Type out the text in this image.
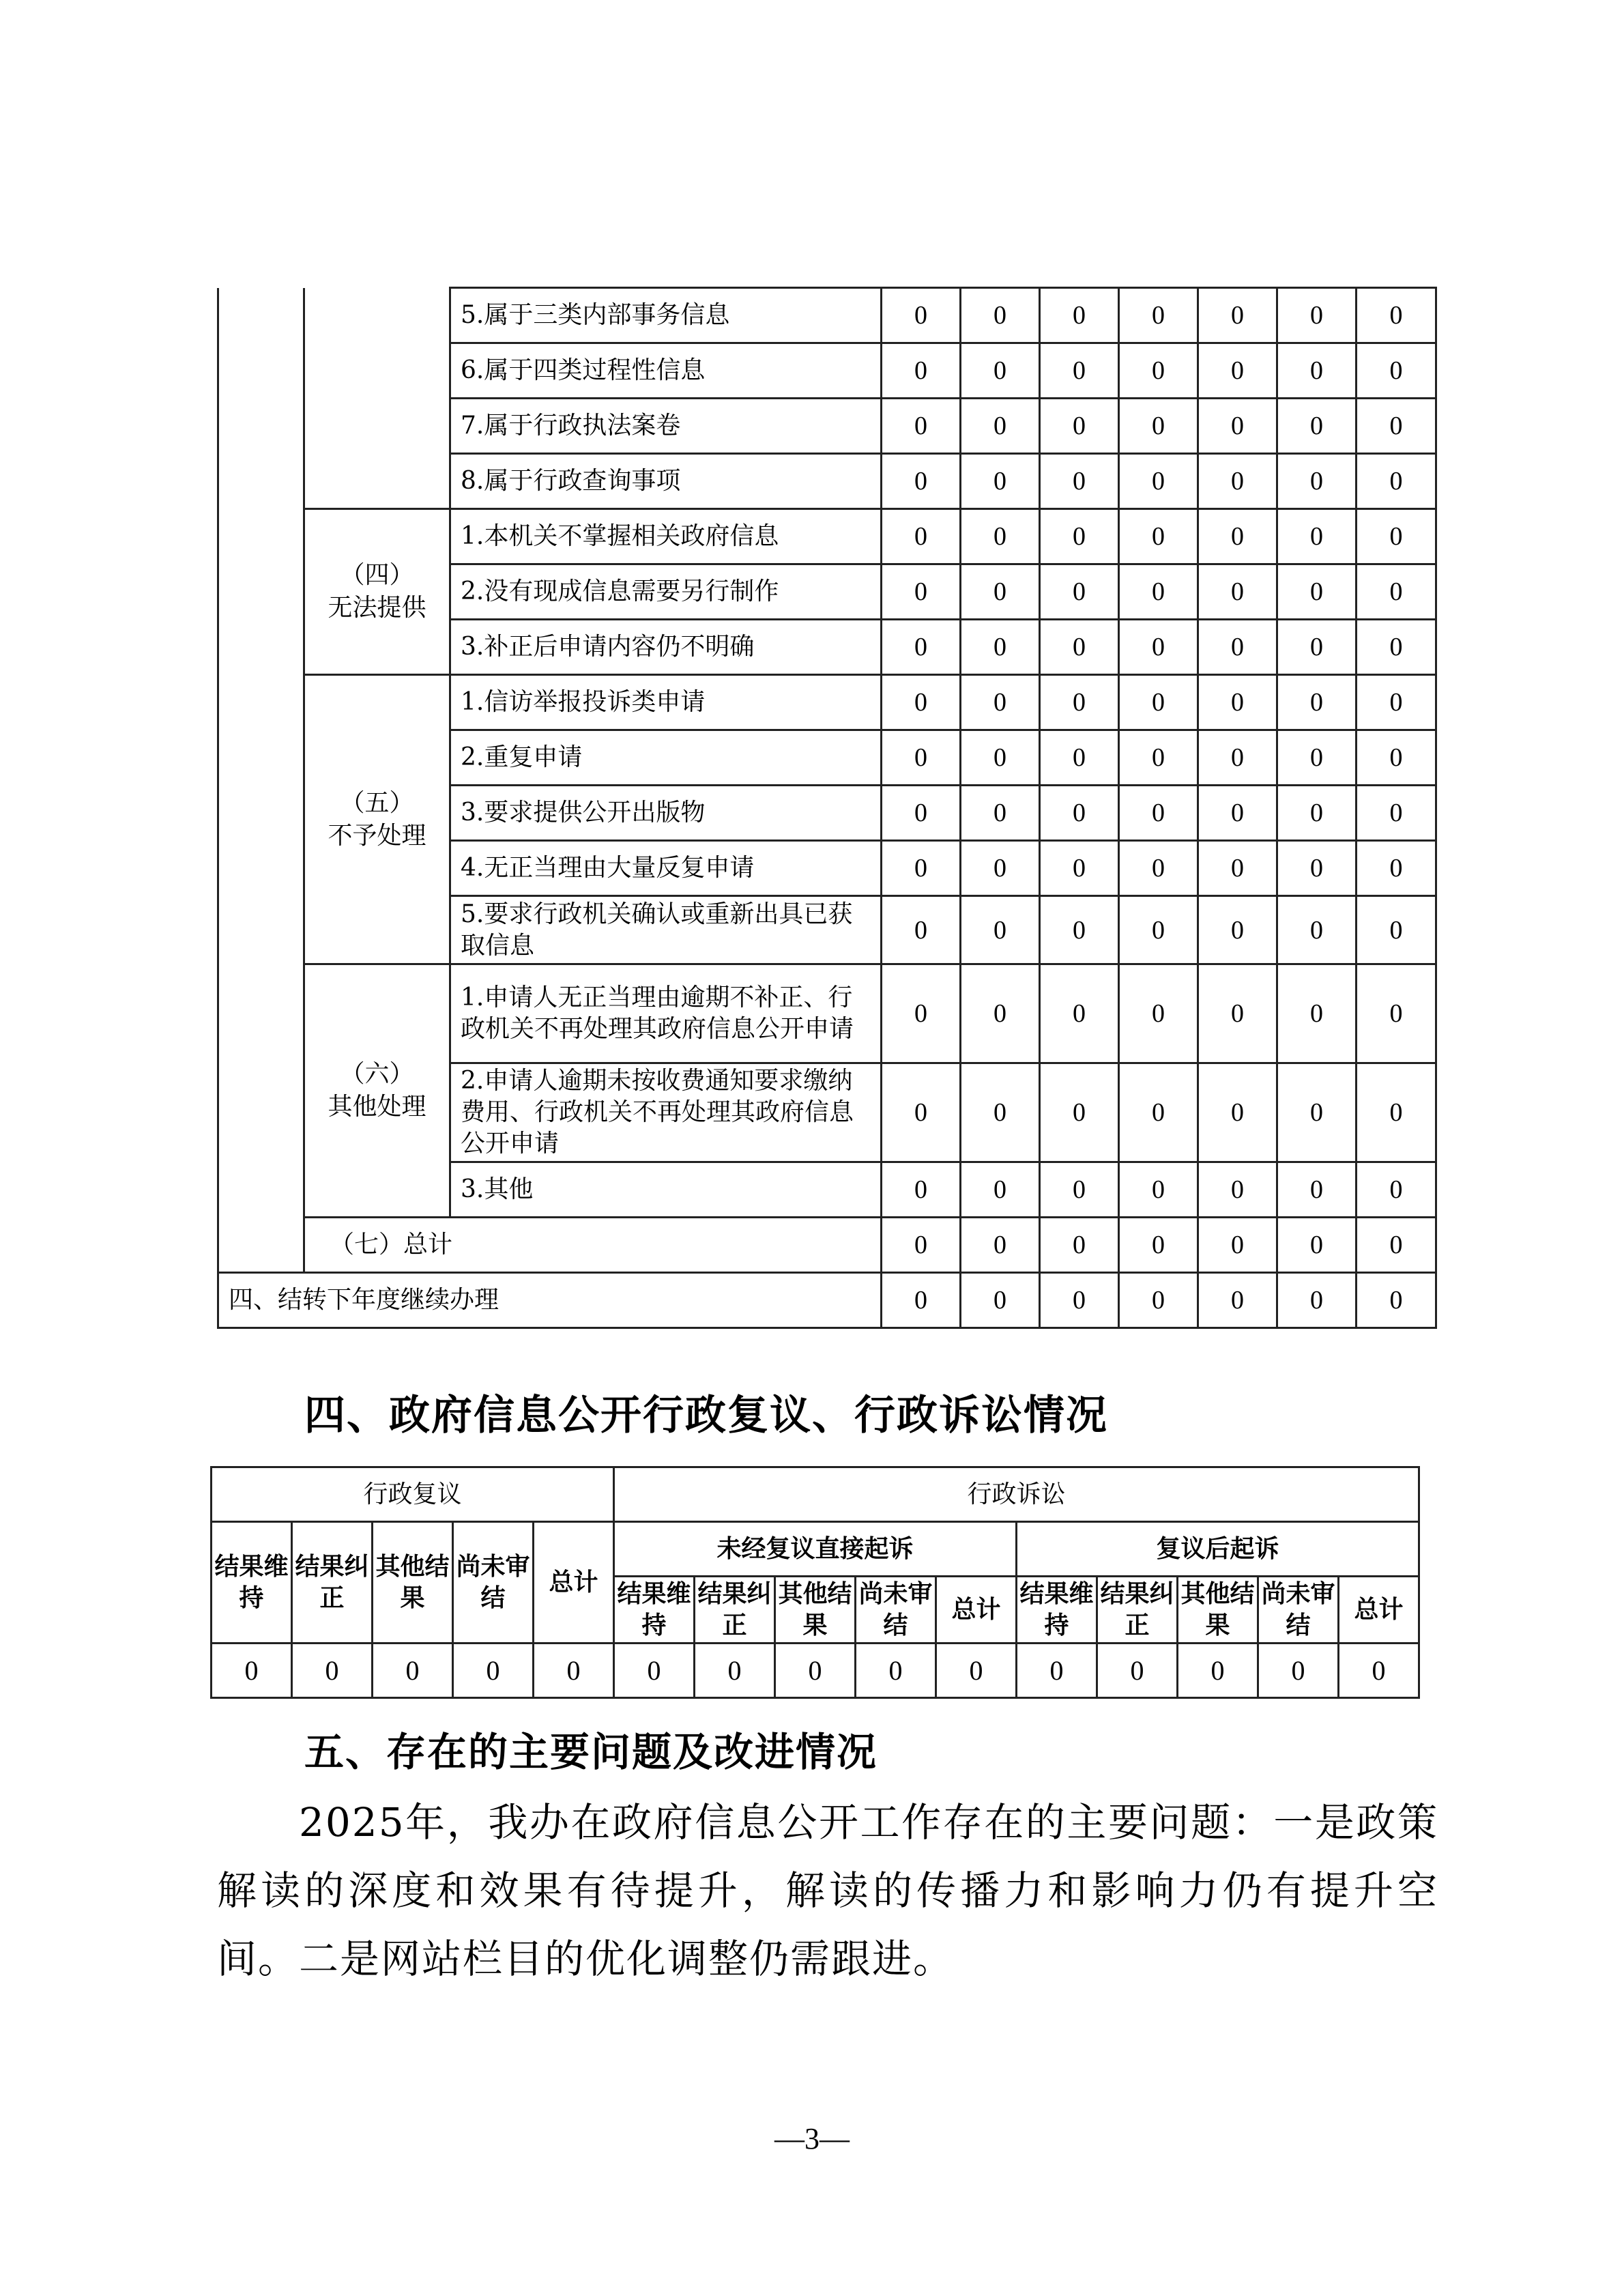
		5.属于三类内部事务信息	0	0	0	0	0	0	0
		6.属于四类过程性信息	0	0	0	0	0	0	0
		7.属于行政执法案卷	0	0	0	0	0	0	0
		8.属于行政查询事项	0	0	0	0	0	0	0

	（四）
无法提供	1.本机关不掌握相关政府信息	0	0	0	0	0	0	0
		2.没有现成信息需要另行制作	0	0	0	0	0	0	0
		3.补正后申请内容仍不明确	0	0	0	0	0	0	0

	（五）
不予处理	1.信访举报投诉类申请	0	0	0	0	0	0	0
		2.重复申请	0	0	0	0	0	0	0
		3.要求提供公开出版物	0	0	0	0	0	0	0
		4.无正当理由大量反复申请	0	0	0	0	0	0	0
		5.要求行政机关确认或重新出具已获取信息	0	0	0	0	0	0	0

	（六）
其他处理	1.申请人无正当理由逾期不补正、行政机关不再处理其政府信息公开申请	0	0	0	0	0	0	0
		2.申请人逾期未按收费通知要求缴纳费用、行政机关不再处理其政府信息公开申请	0	0	0	0	0	0	0
		3.其他	0	0	0	0	0	0	0
	（七）总计		0	0	0	0	0	0	0
四、结转下年度继续办理			0	0	0	0	0	0	0
四、政府信息公开行政复议、行政诉讼情况
行政复议					行政诉讼									
结果维持	结果纠正	其他结果	尚未审结	总计	未经复议直接起诉					复议后起诉				
					结果维持	结果纠正	其他结果	尚未审结	总计	结果维持	结果纠正	其他结果	尚未审结	总计
0	0	0	0	0	0	0	0	0	0	0	0	0	0	0
五、存在的主要问题及改进情况
2025年，我办在政府信息公开工作存在的主要问题：一是政策解读的深度和效果有待提升，解读的传播力和影响力仍有提升空间。二是网站栏目的优化调整仍需跟进。
—3—
